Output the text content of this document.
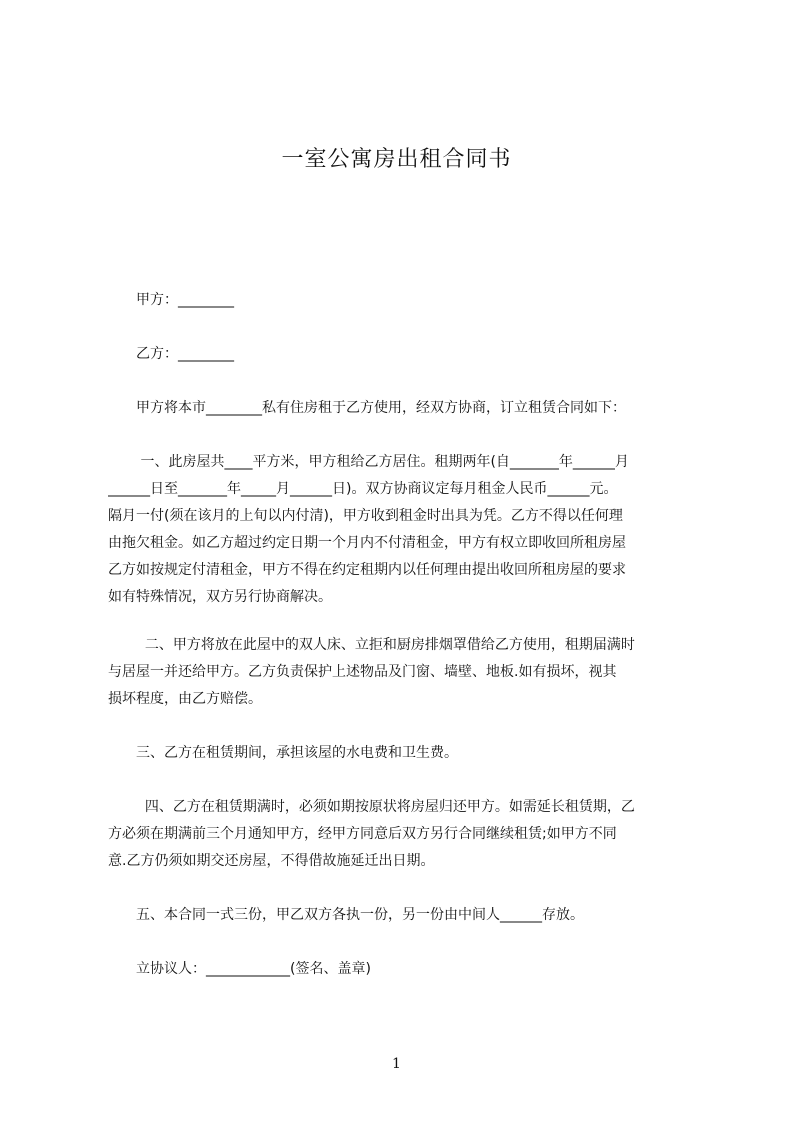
一室公寓房出租合同书

甲方：________

乙方：________

甲方将本市________私有住房租于乙方使用，经双方协商，订立租赁合同如下：

一、此房屋共____平方米，甲方租给乙方居住。租期两年(自_______年______月

______日至_______年_____月______日)。双方协商议定每月租金人民币______元。

隔月一付(须在该月的上旬以内付清)，甲方收到租金时出具为凭。乙方不得以任何理

由拖欠租金。如乙方超过约定日期一个月内不付清租金，甲方有权立即收回所租房屋

乙方如按规定付清租金，甲方不得在约定租期内以任何理由提出收回所租房屋的要求

如有特殊情况，双方另行协商解决。

二、甲方将放在此屋中的双人床、立拒和厨房排烟罩借给乙方使用，租期届满时

与居屋一并还给甲方。乙方负责保护上述物品及门窗、墙壁、地板.如有损坏，视其

损坏程度，由乙方赔偿。

三、乙方在租赁期间，承担该屋的水电费和卫生费。

四、乙方在租赁期满时，必须如期按原状将房屋归还甲方。如需延长租赁期，乙

方必须在期满前三个月通知甲方，经甲方同意后双方另行合同继续租赁;如甲方不同

意.乙方仍须如期交还房屋，不得借故施延迁出日期。

五、本合同一式三份，甲乙双方各执一份，另一份由中间人______存放。

立协议人：____________(签名、盖章)

1
